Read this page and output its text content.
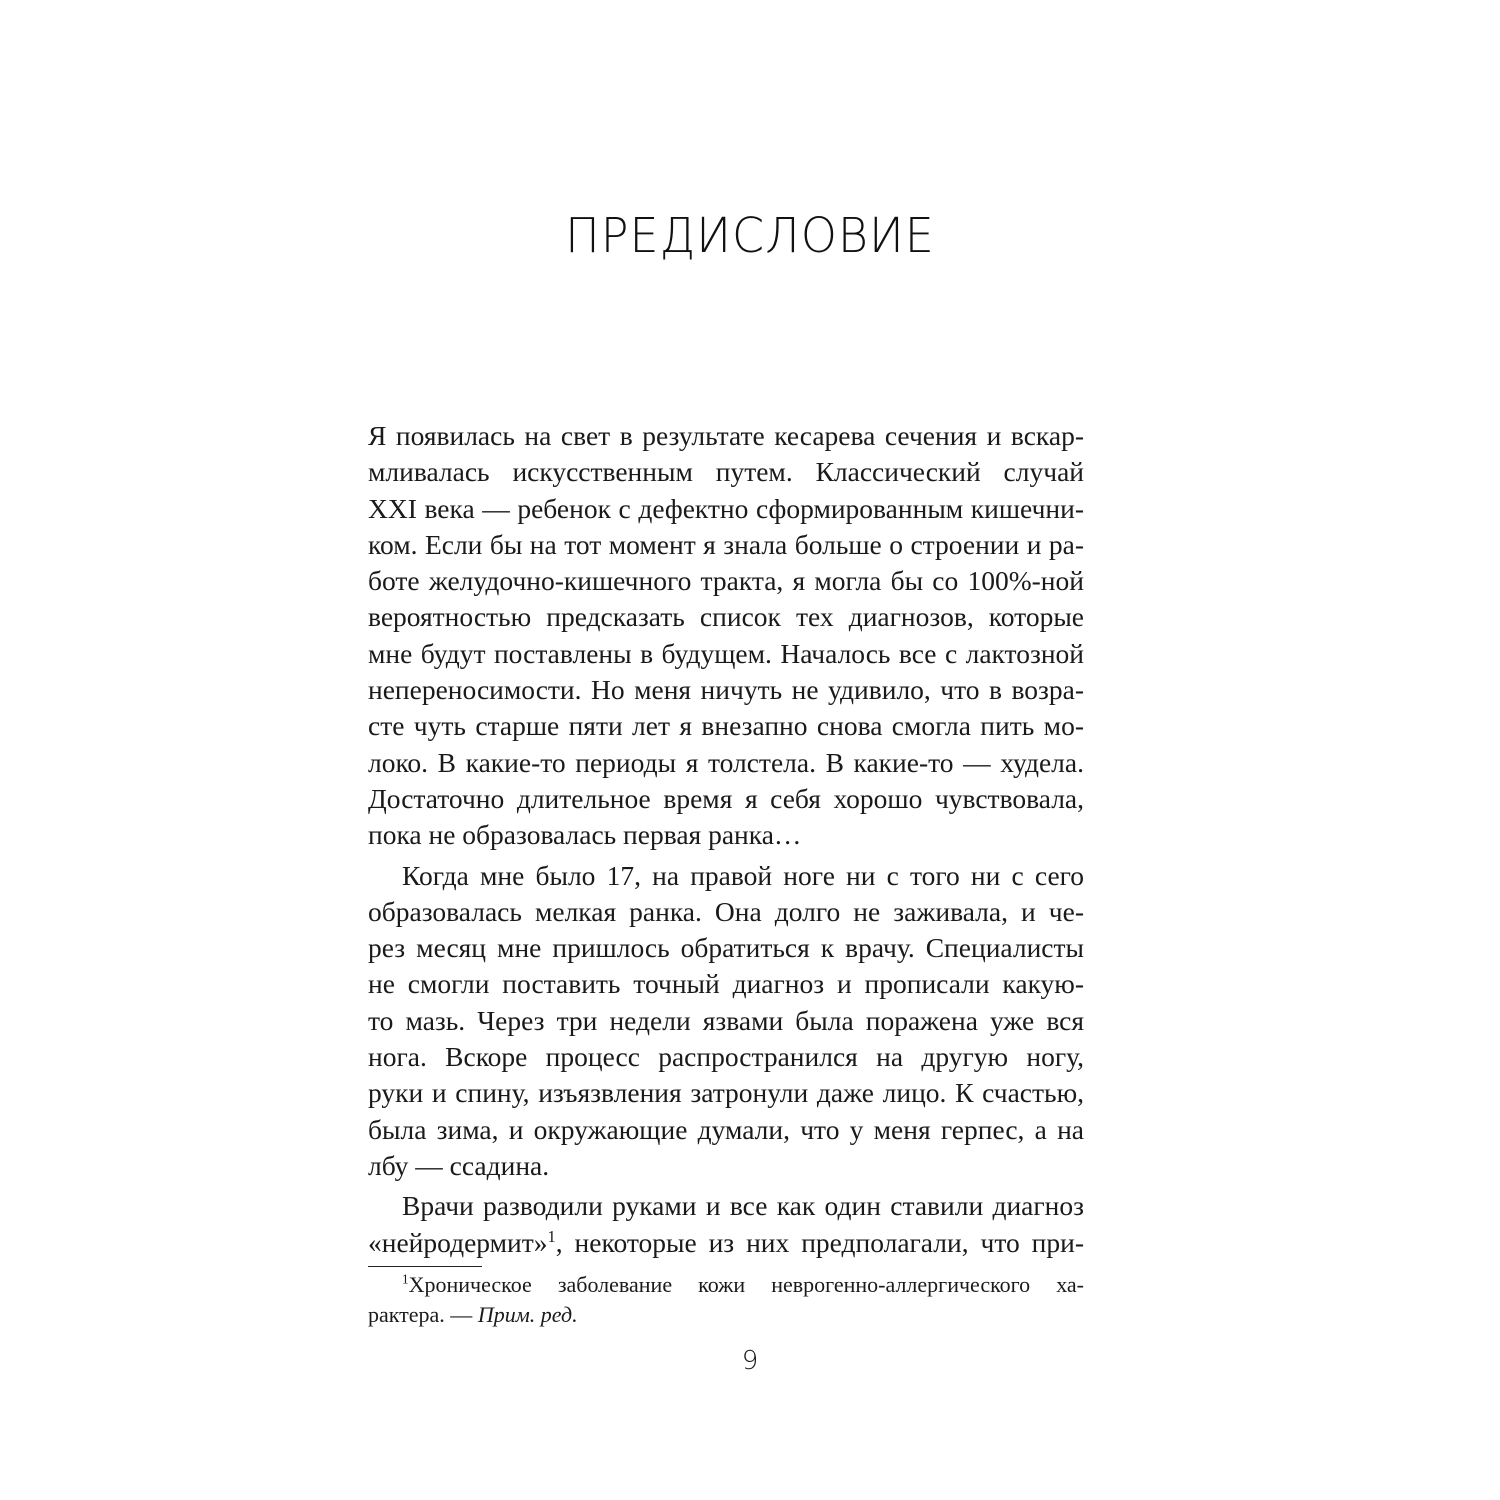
ПРЕДИСЛОВИЕ
Я появилась на свет в результате кесарева сечения и вскар-
мливалась искусственным путем. Классический случай
XXI века — ребенок с дефектно сформированным кишечни-
ком. Если бы на тот момент я знала больше о строении и ра-
боте желудочно-кишечного тракта, я могла бы со 100%-ной
вероятностью предсказать список тех диагнозов, которые
мне будут поставлены в будущем. Началось все с лактозной
непереносимости. Но меня ничуть не удивило, что в возра-
сте чуть старше пяти лет я внезапно снова смогла пить мо-
локо. В какие-то периоды я толстела. В какие-то — худела.
Достаточно длительное время я себя хорошо чувствовала,
пока не образовалась первая ранка…
Когда мне было 17, на правой ноге ни с того ни с сего
образовалась мелкая ранка. Она долго не заживала, и че-
рез месяц мне пришлось обратиться к врачу. Специалисты
не смогли поставить точный диагноз и прописали какую-
то мазь. Через три недели язвами была поражена уже вся
нога. Вскоре процесс распространился на другую ногу,
руки и спину, изъязвления затронули даже лицо. К счастью,
была зима, и окружающие думали, что у меня герпес, а на
лбу — ссадина.
Врачи разводили руками и все как один ставили диагноз
«нейродермит»$^1$, некоторые из них предполагали, что при-
$^1$Хроническое заболевание кожи неврогенно-аллергического ха-
рактера. — Прим. ред.
9
